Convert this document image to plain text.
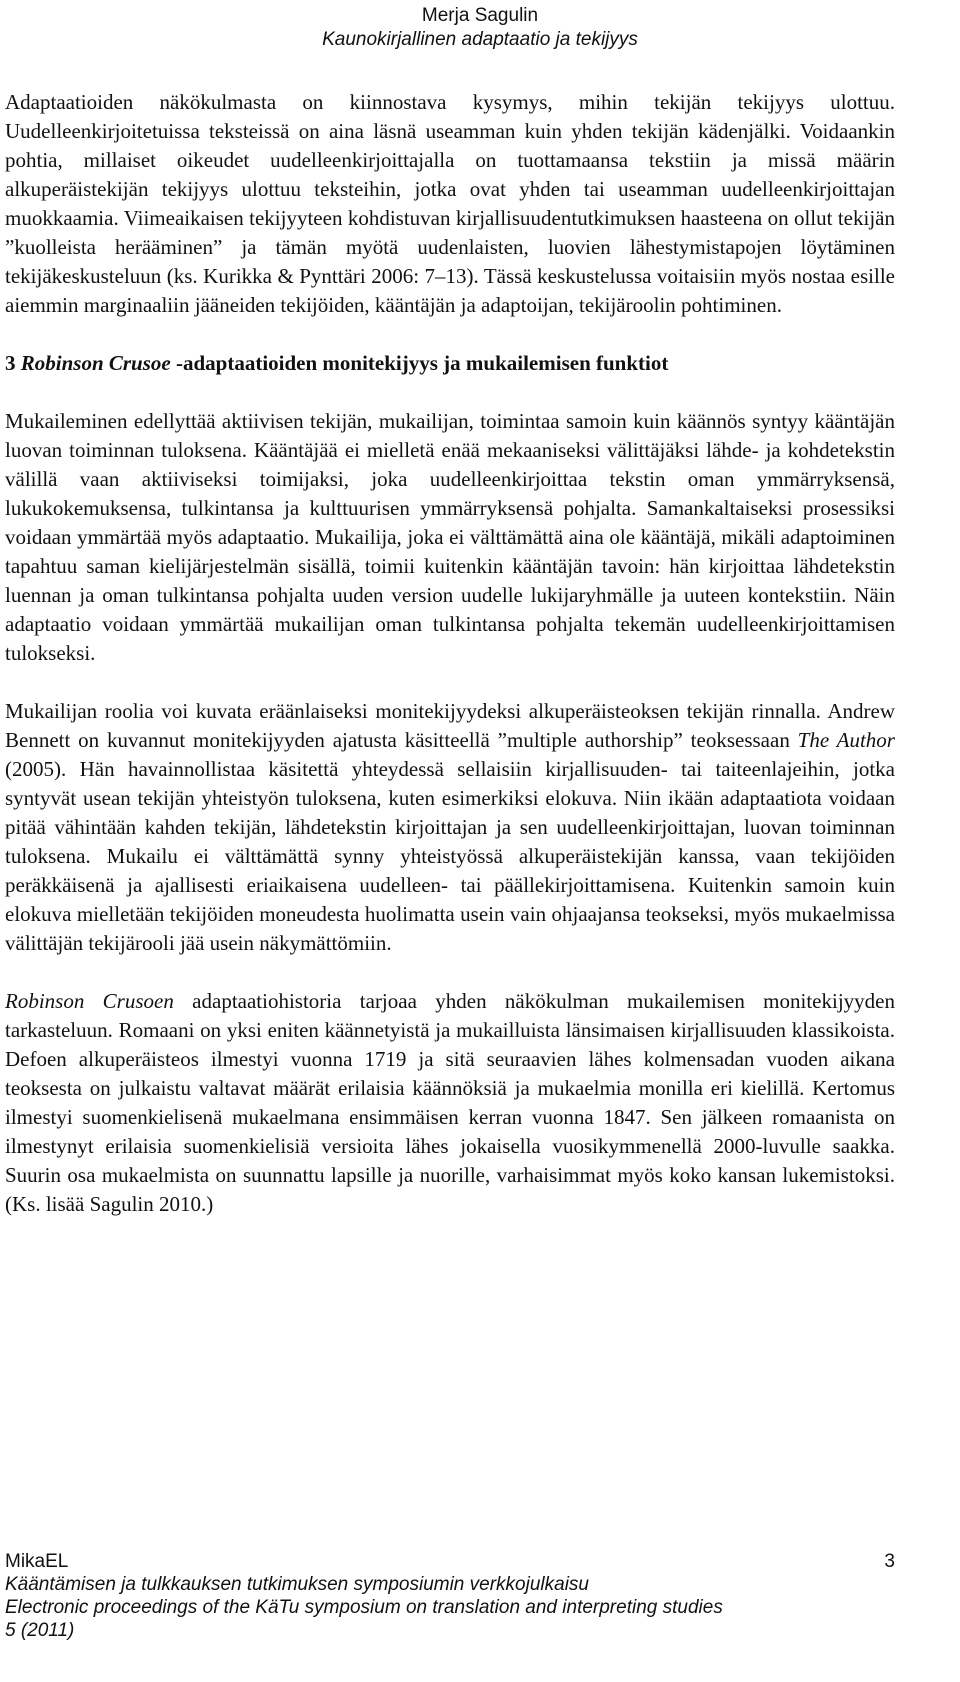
Merja Sagulin
Kaunokirjallinen adaptaatio ja tekijyys

Adaptaatioiden näkökulmasta on kiinnostava kysymys, mihin tekijän tekijyys ulottuu. Uudelleenkirjoitetuissa teksteissä on aina läsnä useamman kuin yhden tekijän kädenjälki. Voidaankin pohtia, millaiset oikeudet uudelleenkirjoittajalla on tuottamaansa tekstiin ja missä määrin alkuperäistekijän tekijyys ulottuu teksteihin, jotka ovat yhden tai useamman uudelleenkirjoittajan muokkaamia. Viimeaikaisen tekijyyteen kohdistuvan kirjallisuudentutkimuksen haasteena on ollut tekijän ”kuolleista herääminen” ja tämän myötä uudenlaisten, luovien lähestymistapojen löytäminen tekijäkeskusteluun (ks. Kurikka & Pynttäri 2006: 7–13). Tässä keskustelussa voitaisiin myös nostaa esille aiemmin marginaaliin jääneiden tekijöiden, kääntäjän ja adaptoijan, tekijäroolin pohtiminen.

3 Robinson Crusoe -adaptaatioiden monitekijyys ja mukailemisen funktiot

Mukaileminen edellyttää aktiivisen tekijän, mukailijan, toimintaa samoin kuin käännös syntyy kääntäjän luovan toiminnan tuloksena. Kääntäjää ei mielletä enää mekaaniseksi välittäjäksi lähde- ja kohdetekstin välillä vaan aktiiviseksi toimijaksi, joka uudelleenkirjoittaa tekstin oman ymmärryksensä, lukukokemuksensa, tulkintansa ja kulttuurisen ymmärryksensä pohjalta. Samankaltaiseksi prosessiksi voidaan ymmärtää myös adaptaatio. Mukailija, joka ei välttämättä aina ole kääntäjä, mikäli adaptoiminen tapahtuu saman kielijärjestelmän sisällä, toimii kuitenkin kääntäjän tavoin: hän kirjoittaa lähdetekstin luennan ja oman tulkintansa pohjalta uuden version uudelle lukijaryhmälle ja uuteen kontekstiin. Näin adaptaatio voidaan ymmärtää mukailijan oman tulkintansa pohjalta tekemän uudelleenkirjoittamisen tulokseksi.

Mukailijan roolia voi kuvata eräänlaiseksi monitekijyydeksi alkuperäisteoksen tekijän rinnalla. Andrew Bennett on kuvannut monitekijyyden ajatusta käsitteellä ”multiple authorship” teoksessaan The Author (2005). Hän havainnollistaa käsitettä yhteydessä sellaisiin kirjallisuuden- tai taiteenlajeihin, jotka syntyvät usean tekijän yhteistyön tuloksena, kuten esimerkiksi elokuva. Niin ikään adaptaatiota voidaan pitää vähintään kahden tekijän, lähdetekstin kirjoittajan ja sen uudelleenkirjoittajan, luovan toiminnan tuloksena. Mukailu ei välttämättä synny yhteistyössä alkuperäistekijän kanssa, vaan tekijöiden peräkkäisenä ja ajallisesti eriaikaisena uudelleen- tai päällekirjoittamisena. Kuitenkin samoin kuin elokuva mielletään tekijöiden moneudesta huolimatta usein vain ohjaajansa teokseksi, myös mukaelmissa välittäjän tekijärooli jää usein näkymättömiin.

Robinson Crusoen adaptaatiohistoria tarjoaa yhden näkökulman mukailemisen monitekijyyden tarkasteluun. Romaani on yksi eniten käännetyistä ja mukailluista länsimaisen kirjallisuuden klassikoista. Defoen alkuperäisteos ilmestyi vuonna 1719 ja sitä seuraavien lähes kolmensadan vuoden aikana teoksesta on julkaistu valtavat määrät erilaisia käännöksiä ja mukaelmia monilla eri kielillä. Kertomus ilmestyi suomenkielisenä mukaelmana ensimmäisen kerran vuonna 1847. Sen jälkeen romaanista on ilmestynyt erilaisia suomenkielisiä versioita lähes jokaisella vuosikymmenellä 2000-luvulle saakka. Suurin osa mukaelmista on suunnattu lapsille ja nuorille, varhaisimmat myös koko kansan lukemistoksi. (Ks. lisää Sagulin 2010.)

MikaEL	3
Kääntämisen ja tulkkauksen tutkimuksen symposiumin verkkojulkaisu
Electronic proceedings of the KäTu symposium on translation and interpreting studies
5 (2011)
